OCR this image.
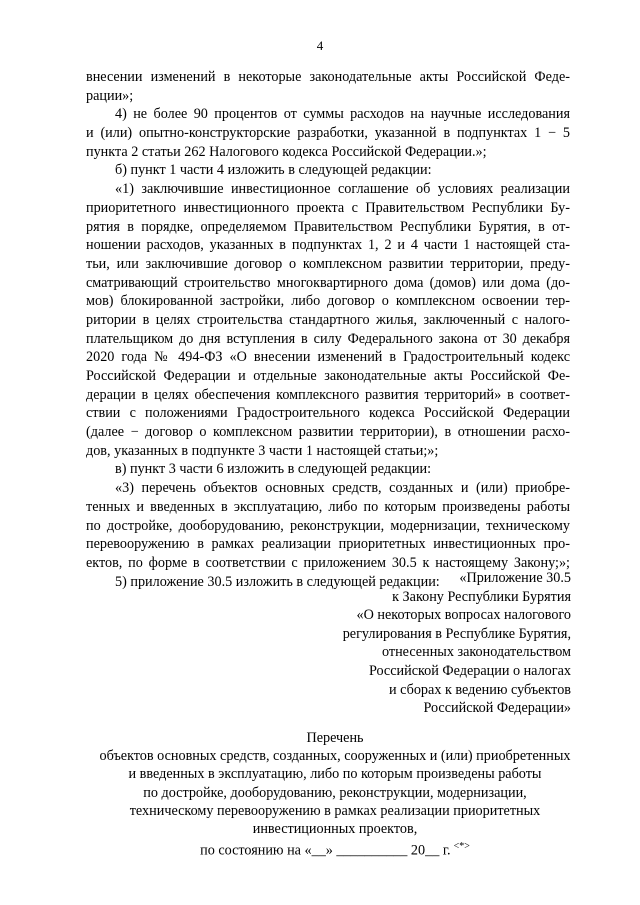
4
внесении изменений в некоторые законодательные акты Российской Феде-
рации»;
4) не более 90 процентов от суммы расходов на научные исследования
и (или) опытно-конструкторские разработки, указанной в подпунктах 1 − 5
пункта 2 статьи 262 Налогового кодекса Российской Федерации.»;
б) пункт 1 части 4 изложить в следующей редакции:
«1) заключившие инвестиционное соглашение об условиях реализации
приоритетного инвестиционного проекта с Правительством Республики Бу-
рятия в порядке, определяемом Правительством Республики Бурятия, в от-
ношении расходов, указанных в подпунктах 1, 2 и 4 части 1 настоящей ста-
тьи, или заключившие договор о комплексном развитии территории, преду-
сматривающий строительство многоквартирного дома (домов) или дома (до-
мов) блокированной застройки, либо договор о комплексном освоении тер-
ритории в целях строительства стандартного жилья, заключенный с налого-
плательщиком до дня вступления в силу Федерального закона от 30 декабря
2020 года № 494-ФЗ «О внесении изменений в Градостроительный кодекс
Российской Федерации и отдельные законодательные акты Российской Фе-
дерации в целях обеспечения комплексного развития территорий» в соответ-
ствии с положениями Градостроительного кодекса Российской Федерации
(далее − договор о комплексном развитии территории), в отношении расхо-
дов, указанных в подпункте 3 части 1 настоящей статьи;»;
в) пункт 3 части 6 изложить в следующей редакции:
«3) перечень объектов основных средств, созданных и (или) приобре-
тенных и введенных в эксплуатацию, либо по которым произведены работы
по достройке, дооборудованию, реконструкции, модернизации, техническому
перевооружению в рамках реализации приоритетных инвестиционных про-
ектов, по форме в соответствии с приложением 30.5 к настоящему Закону;»;
5) приложение 30.5 изложить в следующей редакции:	«Приложение 30.5
к Закону Республики Бурятия
«О некоторых вопросах налогового
регулирования в Республике Бурятия,
отнесенных законодательством
Российской Федерации о налогах
и сборах к ведению субъектов
Российской Федерации»
Перечень
объектов основных средств, созданных, сооруженных и (или) приобретенных
и введенных в эксплуатацию, либо по которым произведены работы
по достройке, дооборудованию, реконструкции, модернизации,
техническому перевооружению в рамках реализации приоритетных
инвестиционных проектов,
по состоянию на «__» __________ 20__ г. <*>
